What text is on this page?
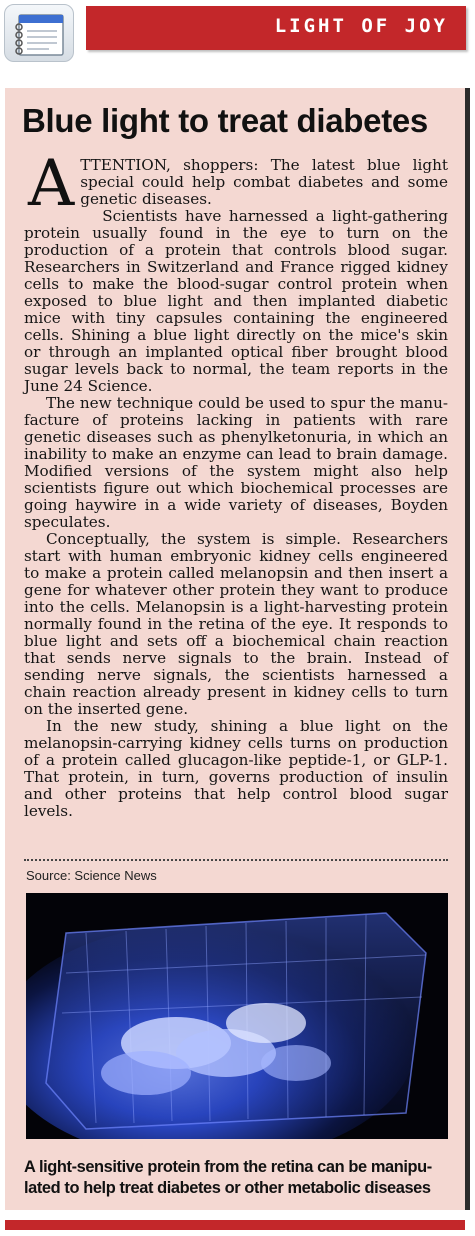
LIGHT OF JOY
Blue light to treat diabetes

ATTENTION, shoppers: The latest blue light special could help combat diabetes and some genetic diseases.

Scientists have harnessed a light-gathering protein usually found in the eye to turn on the production of a protein that controls blood sugar. Researchers in Switzerland and France rigged kidney cells to make the blood-sugar control protein when exposed to blue light and then implanted diabetic mice with tiny capsules containing the engineered cells. Shining a blue light directly on the mice's skin or through an implanted optical fiber brought blood sugar levels back to normal, the team reports in the June 24 Science.

The new technique could be used to spur the manu-facture of proteins lacking in patients with rare genetic diseases such as phenylketonuria, in which an inability to make an enzyme can lead to brain damage. Modified versions of the system might also help scientists figure out which biochemical processes are going haywire in a wide variety of diseases, Boyden speculates.

Conceptually, the system is simple. Researchers start with human embryonic kidney cells engineered to make a protein called melanopsin and then insert a gene for whatever other protein they want to produce into the cells. Melanopsin is a light-harvesting protein normally found in the retina of the eye. It responds to blue light and sets off a biochemical chain reaction that sends nerve signals to the brain. Instead of sending nerve signals, the scientists harnessed a chain reaction already present in kidney cells to turn on the inserted gene.

In the new study, shining a blue light on the melanopsin-carrying kidney cells turns on production of a protein called glucagon-like peptide-1, or GLP-1. That protein, in turn, governs production of insulin and other proteins that help control blood sugar levels.

Source: Science News
A light-sensitive protein from the retina can be manipu-lated to help treat diabetes or other metabolic diseases
